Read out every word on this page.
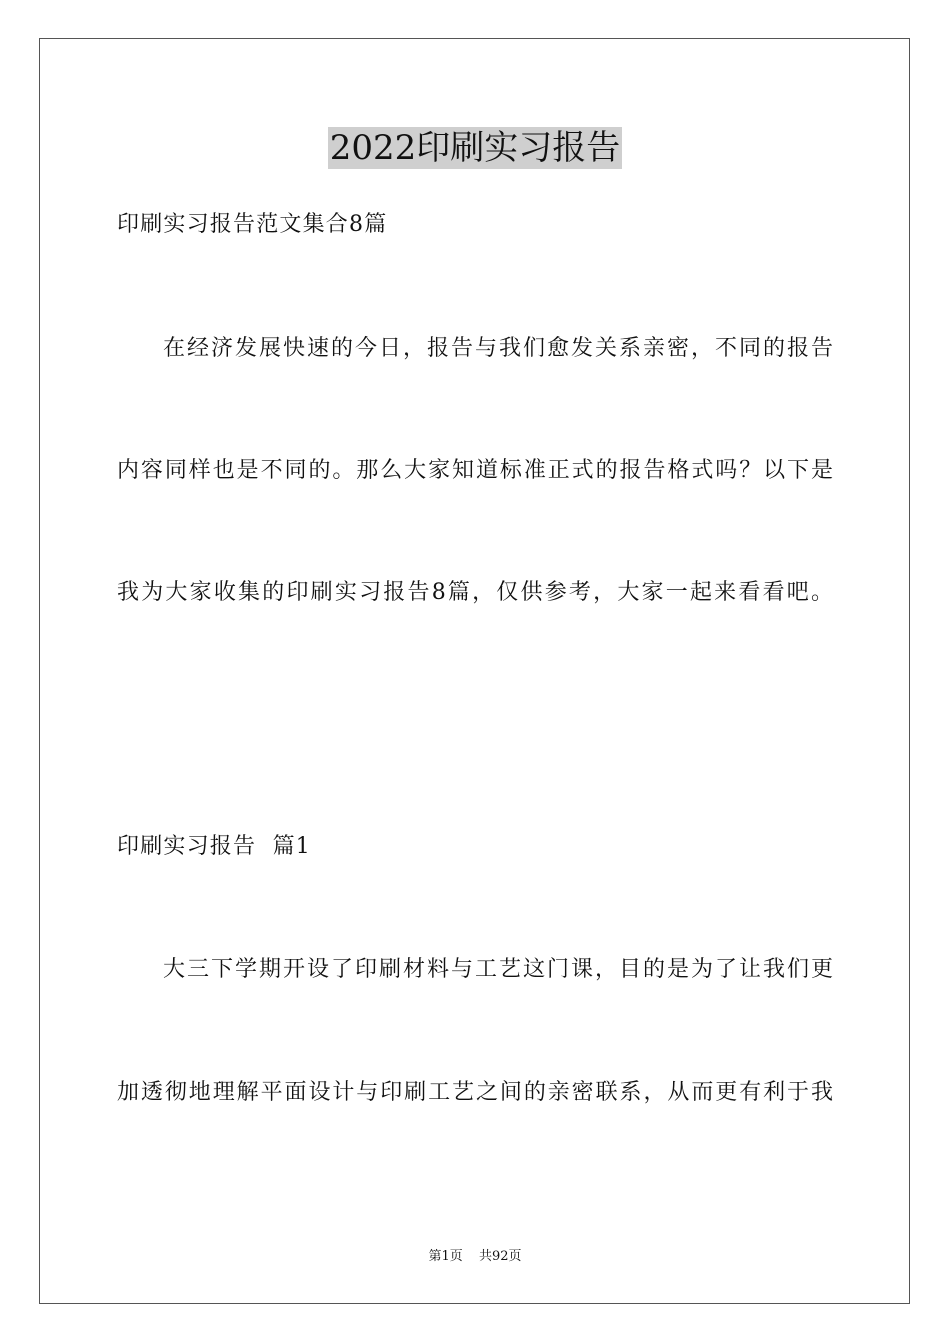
2022印刷实习报告
印刷实习报告范文集合8篇
在经济发展快速的今日，报告与我们愈发关系亲密，不同的报告
内容同样也是不同的。那么大家知道标准正式的报告格式吗？以下是
我为大家收集的印刷实习报告8篇，仅供参考，大家一起来看看吧。
印刷实习报告  篇1
大三下学期开设了印刷材料与工艺这门课，目的是为了让我们更
加透彻地理解平面设计与印刷工艺之间的亲密联系，从而更有利于我
第1页 共92页
